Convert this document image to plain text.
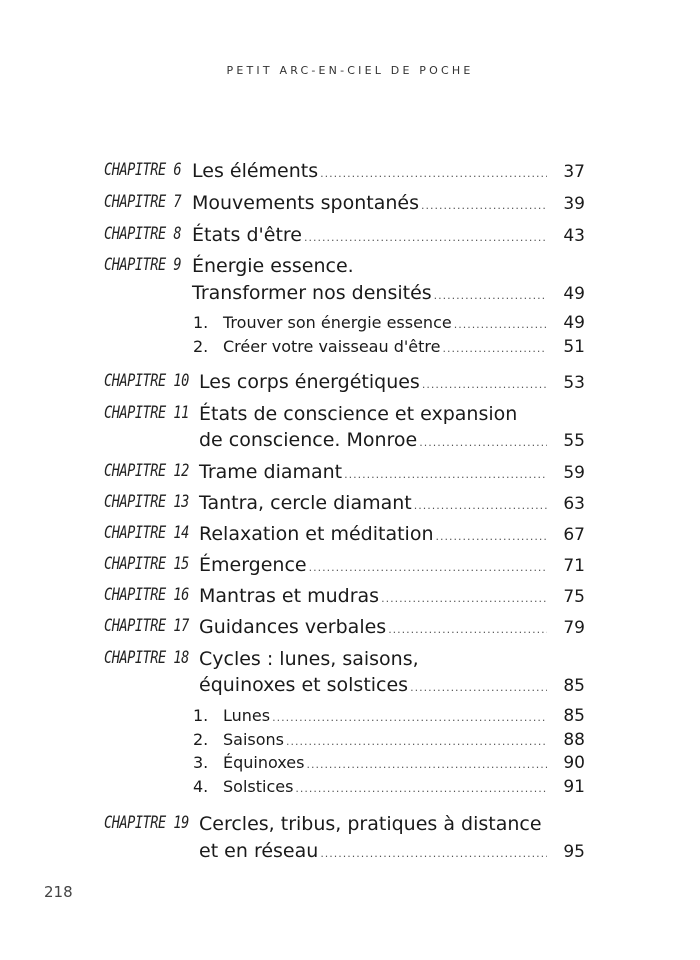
PETIT ARC-EN-CIEL DE POCHE
CHAPITRE 6 Les éléments .....	37
CHAPITRE 7 Mouvements spontanés .....	39
CHAPITRE 8 États d'être .....	43
CHAPITRE 9 Énergie essence.
Transformer nos densités .....	49
1. Trouver son énergie essence .....	49
2. Créer votre vaisseau d'être .....	51
CHAPITRE 10 Les corps énergétiques .....	53
CHAPITRE 11 États de conscience et expansion
de conscience. Monroe .....	55
CHAPITRE 12 Trame diamant .....	59
CHAPITRE 13 Tantra, cercle diamant .....	63
CHAPITRE 14 Relaxation et méditation .....	67
CHAPITRE 15 Émergence .....	71
CHAPITRE 16 Mantras et mudras .....	75
CHAPITRE 17 Guidances verbales .....	79
CHAPITRE 18 Cycles : lunes, saisons,
équinoxes et solstices .....	85
1. Lunes .....	85
2. Saisons .....	88
3. Équinoxes .....	90
4. Solstices .....	91
CHAPITRE 19 Cercles, tribus, pratiques à distance
et en réseau .....	95
218
